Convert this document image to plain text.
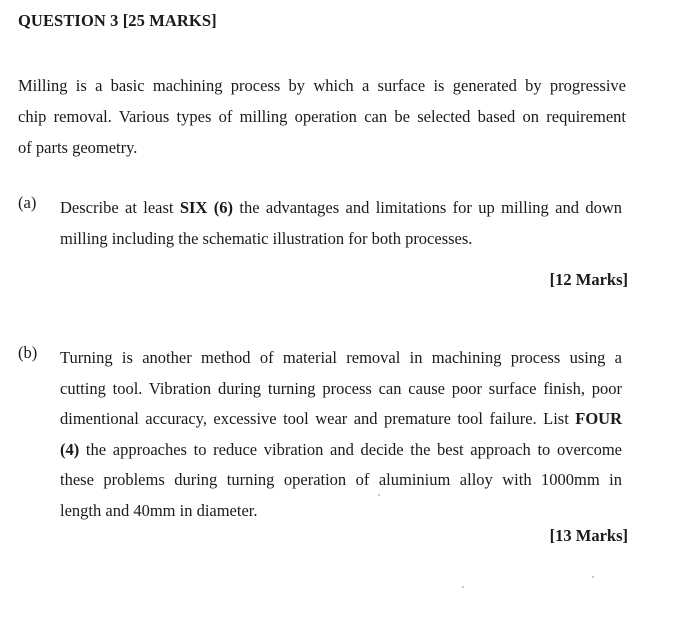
QUESTION 3 [25 MARKS]
Milling is a basic machining process by which a surface is generated by progressive
chip removal. Various types of milling operation can be selected based on requirement
of parts geometry.
(a)	Describe at least SIX (6) the advantages and limitations for up milling and down
milling including the schematic illustration for both processes.
[12 Marks]
(b)	Turning is another method of material removal in machining process using a
cutting tool. Vibration during turning process can cause poor surface finish, poor
dimentional accuracy, excessive tool wear and premature tool failure. List FOUR
(4) the approaches to reduce vibration and decide the best approach to overcome
these problems during turning operation of aluminium alloy with 1000mm in
length and 40mm in diameter.
[13 Marks]
